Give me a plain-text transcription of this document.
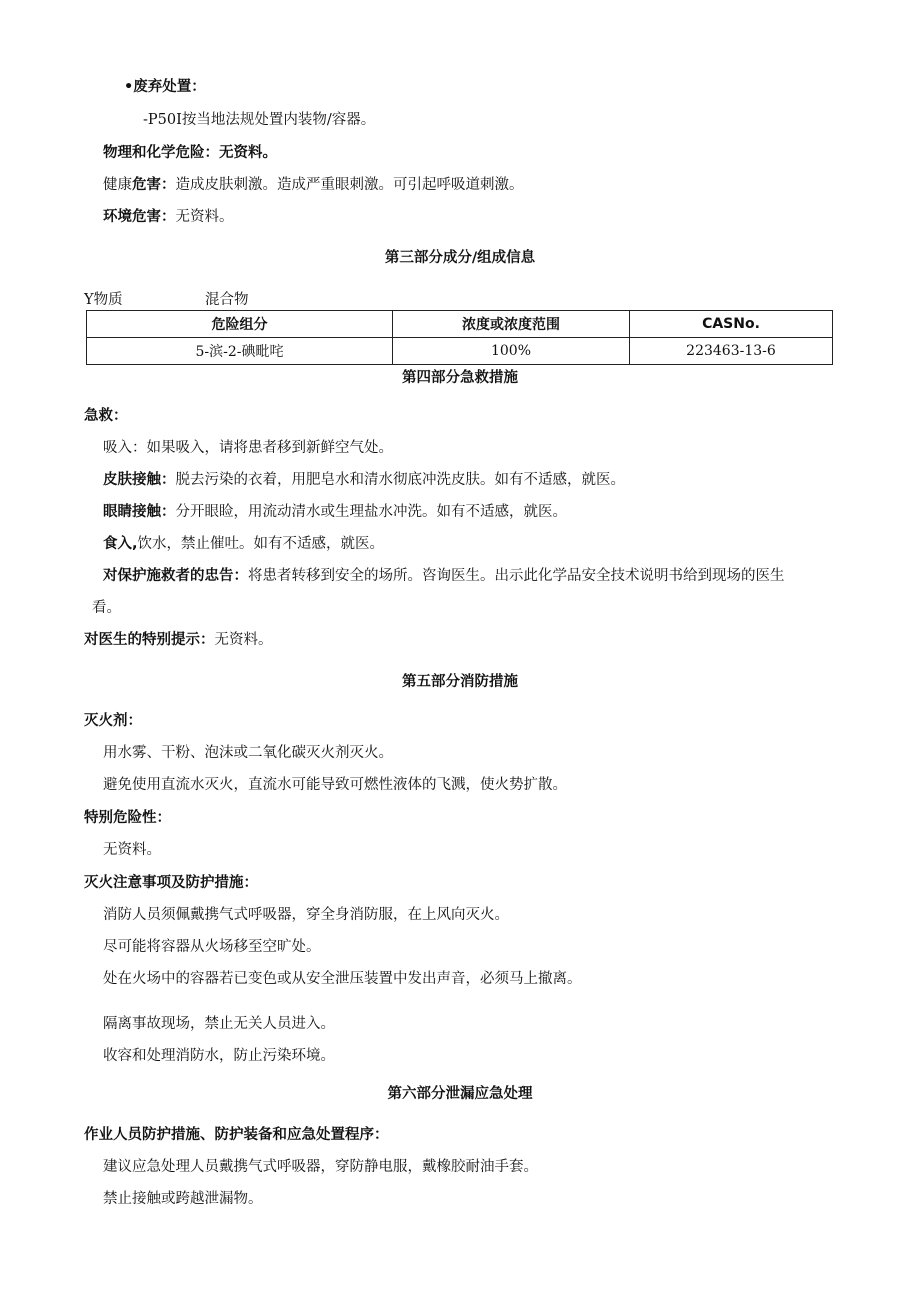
•废弃处置：
-P50I按当地法规处置内装物/容器。
物理和化学危险：无资料。
健康危害：造成皮肤刺激。造成严重眼刺激。可引起呼吸道刺激。
环境危害：无资料。
第三部分成分/组成信息
Y物质	混合物
危险组分	浓度或浓度范围	CASNo.
5-滨-2-碘毗咤	100%	223463-13-6
第四部分急救措施
急救：
吸入：如果吸入，请将患者移到新鲜空气处。
皮肤接触：脱去污染的衣着，用肥皂水和清水彻底冲洗皮肤。如有不适感，就医。
眼睛接触：分开眼睑，用流动清水或生理盐水冲洗。如有不适感，就医。
食入,饮水，禁止催吐。如有不适感，就医。
对保护施救者的忠告：将患者转移到安全的场所。咨询医生。出示此化学品安全技术说明书给到现场的医生
看。
对医生的特别提示：无资料。
第五部分消防措施
灭火剂：
用水雾、干粉、泡沫或二氧化碳灭火剂灭火。
避免使用直流水灭火，直流水可能导致可燃性液体的飞溅，使火势扩散。
特别危险性：
无资料。
灭火注意事项及防护措施：
消防人员须佩戴携气式呼吸器，穿全身消防服，在上风向灭火。
尽可能将容器从火场移至空旷处。
处在火场中的容器若已变色或从安全泄压装置中发出声音，必须马上撤离。
隔离事故现场，禁止无关人员进入。
收容和处理消防水，防止污染环境。
第六部分泄漏应急处理
作业人员防护措施、防护装备和应急处置程序：
建议应急处理人员戴携气式呼吸器，穿防静电服，戴橡胶耐油手套。
禁止接触或跨越泄漏物。
